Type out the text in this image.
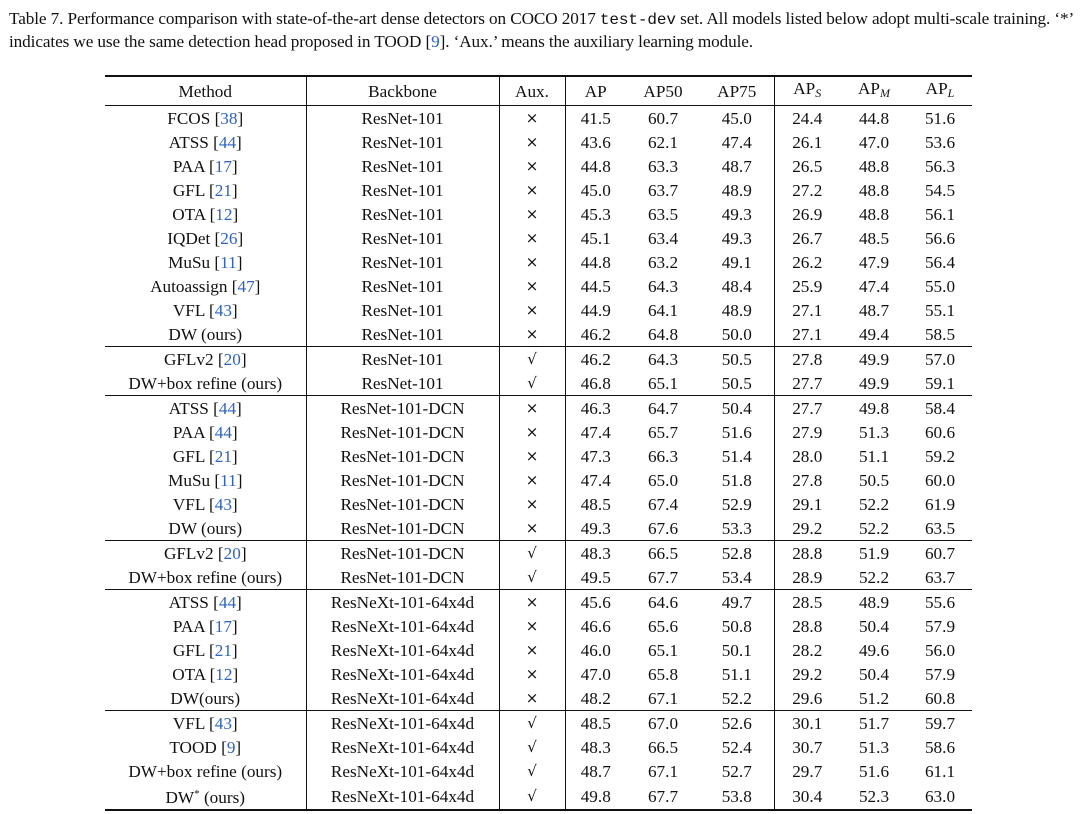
Table 7. Performance comparison with state-of-the-art dense detectors on COCO 2017 test-dev set. All models listed below adopt multi-scale training. ‘*’ indicates we use the same detection head proposed in TOOD [9]. ‘Aux.’ means the auxiliary learning module.

Method	Backbone	Aux.	AP	AP50	AP75	$AP_S$	$AP_M$	$AP_L$
FCOS [38]	ResNet-101	×	41.5	60.7	45.0	24.4	44.8	51.6
ATSS [44]	ResNet-101	×	43.6	62.1	47.4	26.1	47.0	53.6
PAA [17]	ResNet-101	×	44.8	63.3	48.7	26.5	48.8	56.3
GFL [21]	ResNet-101	×	45.0	63.7	48.9	27.2	48.8	54.5
OTA [12]	ResNet-101	×	45.3	63.5	49.3	26.9	48.8	56.1
IQDet [26]	ResNet-101	×	45.1	63.4	49.3	26.7	48.5	56.6
MuSu [11]	ResNet-101	×	44.8	63.2	49.1	26.2	47.9	56.4
Autoassign [47]	ResNet-101	×	44.5	64.3	48.4	25.9	47.4	55.0
VFL [43]	ResNet-101	×	44.9	64.1	48.9	27.1	48.7	55.1
DW (ours)	ResNet-101	×	46.2	64.8	50.0	27.1	49.4	58.5
GFLv2 [20]	ResNet-101	√	46.2	64.3	50.5	27.8	49.9	57.0
DW+box refine (ours)	ResNet-101	√	46.8	65.1	50.5	27.7	49.9	59.1
ATSS [44]	ResNet-101-DCN	×	46.3	64.7	50.4	27.7	49.8	58.4
PAA [44]	ResNet-101-DCN	×	47.4	65.7	51.6	27.9	51.3	60.6
GFL [21]	ResNet-101-DCN	×	47.3	66.3	51.4	28.0	51.1	59.2
MuSu [11]	ResNet-101-DCN	×	47.4	65.0	51.8	27.8	50.5	60.0
VFL [43]	ResNet-101-DCN	×	48.5	67.4	52.9	29.1	52.2	61.9
DW (ours)	ResNet-101-DCN	×	49.3	67.6	53.3	29.2	52.2	63.5
GFLv2 [20]	ResNet-101-DCN	√	48.3	66.5	52.8	28.8	51.9	60.7
DW+box refine (ours)	ResNet-101-DCN	√	49.5	67.7	53.4	28.9	52.2	63.7
ATSS [44]	ResNeXt-101-64x4d	×	45.6	64.6	49.7	28.5	48.9	55.6
PAA [17]	ResNeXt-101-64x4d	×	46.6	65.6	50.8	28.8	50.4	57.9
GFL [21]	ResNeXt-101-64x4d	×	46.0	65.1	50.1	28.2	49.6	56.0
OTA [12]	ResNeXt-101-64x4d	×	47.0	65.8	51.1	29.2	50.4	57.9
DW(ours)	ResNeXt-101-64x4d	×	48.2	67.1	52.2	29.6	51.2	60.8
VFL [43]	ResNeXt-101-64x4d	√	48.5	67.0	52.6	30.1	51.7	59.7
TOOD [9]	ResNeXt-101-64x4d	√	48.3	66.5	52.4	30.7	51.3	58.6
DW+box refine (ours)	ResNeXt-101-64x4d	√	48.7	67.1	52.7	29.7	51.6	61.1
DW* (ours)	ResNeXt-101-64x4d	√	49.8	67.7	53.8	30.4	52.3	63.0
